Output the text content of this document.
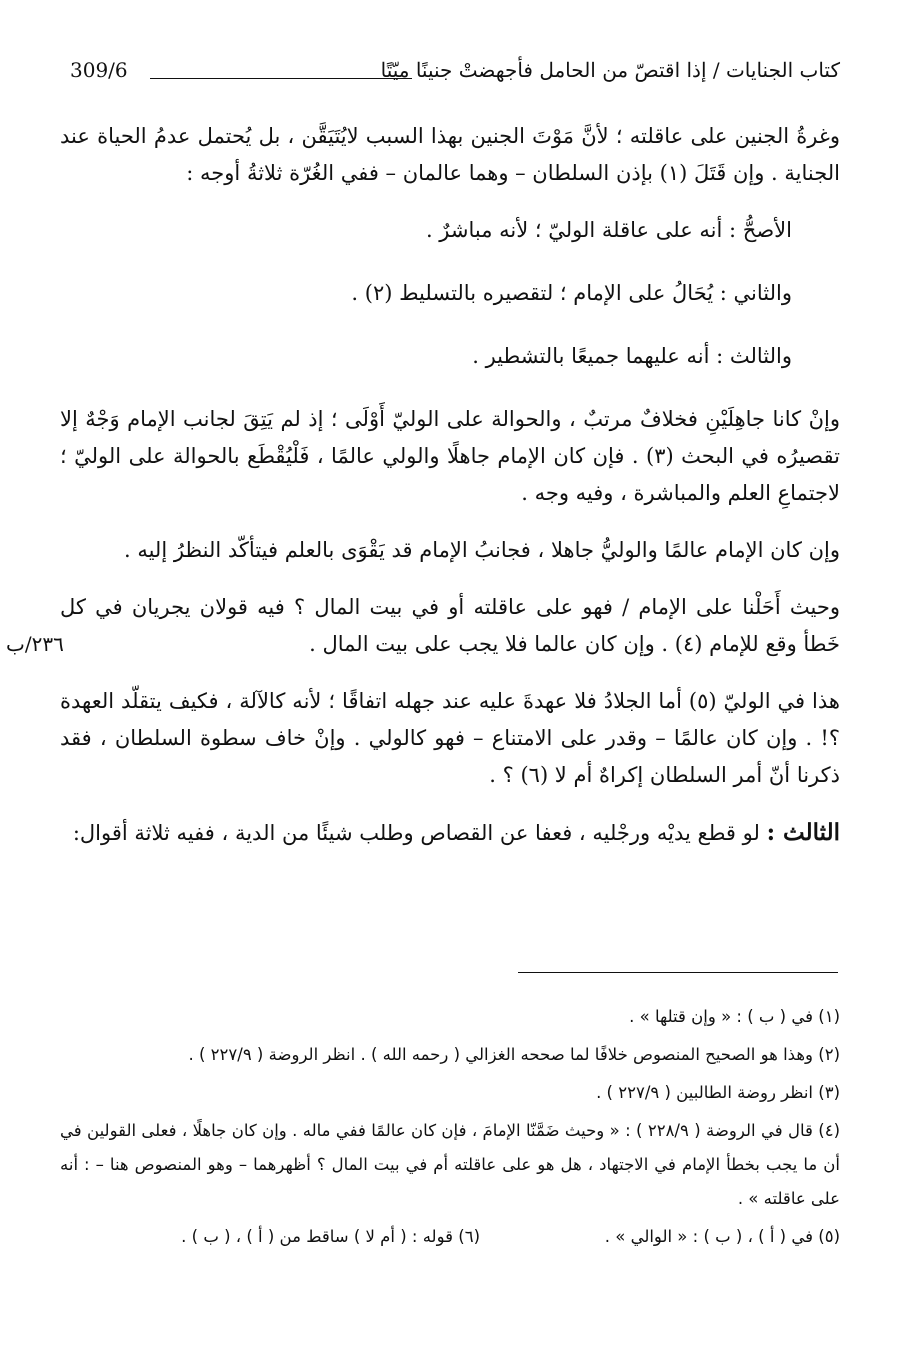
كتاب الجنايات / إذا اقتصّ من الحامل فأجهضتْ جنينًا ميّتًا
309/6
٢٣٦/ب

وغرةُ الجنين على عاقلته ؛ لأنَّ مَوْتَ الجنين بهذا السبب لايُتَيَقَّن ، بل يُحتمل عدمُ الحياة عند الجناية . وإن قَتَلَ (١) بإذن السلطان – وهما عالمان – ففي الغُرّة ثلاثةُ أوجه :

الأصحُّ : أنه على عاقلة الوليّ ؛ لأنه مباشرٌ .

والثاني : يُحَالُ على الإمام ؛ لتقصيره بالتسليط (٢) .

والثالث : أنه عليهما جميعًا بالتشطير .

وإنْ كانا جاهِلَيْنِ فخلافٌ مرتبٌ ، والحوالة على الوليّ أَوْلَى ؛ إذ لم يَتِقَ لجانب الإمام وَجْهٌ إلا تقصيرُه في البحث (٣) . فإن كان الإمام جاهلًا والولي عالمًا ، فَلْيُقْطَع بالحوالة على الوليّ ؛ لاجتماعِ العلم والمباشرة ، وفيه وجه .

وإن كان الإمام عالمًا والوليُّ جاهلا ، فجانبُ الإمام قد يَقْوَى بالعلم فيتأكّد النظرُ إليه .

وحيث أَحَلْنا على الإمام / فهو على عاقلته أو في بيت المال ؟ فيه قولان يجريان في كل خَطأ وقع للإمام (٤) . وإن كان عالما فلا يجب على بيت المال .

هذا في الوليّ (٥) أما الجلادُ فلا عهدةَ عليه عند جهله اتفاقًا ؛ لأنه كالآلة ، فكيف يتقلّد العهدة ؟! . وإن كان عالمًا – وقدر على الامتناع – فهو كالولي . وإنْ خاف سطوة السلطان ، فقد ذكرنا أنّ أمر السلطان إكراهٌ أم لا (٦) ؟ .

الثالث : لو قطع يديْه ورجْليه ، فعفا عن القصاص وطلب شيئًا من الدية ، ففيه ثلاثة أقوال:

(١) في ( ب ) : « وإن قتلها » .

(٢) وهذا هو الصحيح المنصوص خلافًا لما صححه الغزالي ( رحمه الله ) . انظر الروضة ( ٢٢٧/٩ ) .

(٣) انظر روضة الطالبين ( ٢٢٧/٩ ) .

(٤) قال في الروضة ( ٢٢٨/٩ ) : « وحيث ضَمَّنّا الإمامَ ، فإن كان عالمًا ففي ماله . وإن كان جاهلًا ، فعلى القولين في أن ما يجب بخطأ الإمام في الاجتهاد ، هل هو على عاقلته أم في بيت المال ؟ أظهرهما – وهو المنصوص هنا – : أنه على عاقلته » .

(٥) في ( أ ) ، ( ب ) : « الوالي » .
(٦) قوله : ( أم لا ) ساقط من ( أ ) ، ( ب ) .
